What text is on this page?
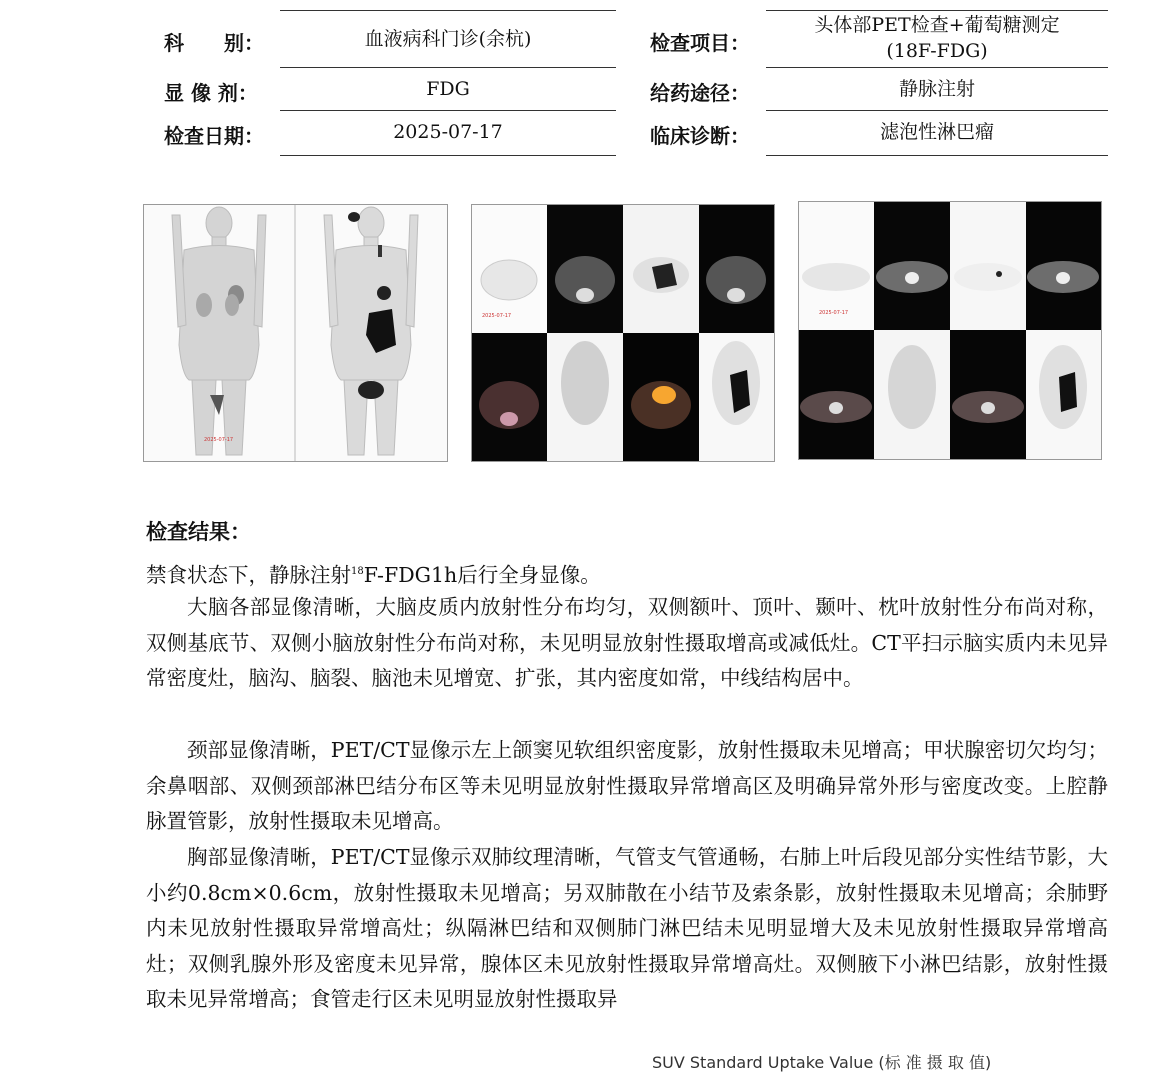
科　　别：	血液病科门诊(余杭)	检查项目：
头体部PET检查+葡萄糖测定
(18F-FDG)
显 像 剂：	FDG	给药途径：	静脉注射
检查日期：	2025-07-17	临床诊断：	滤泡性淋巴瘤
2025-07-17
2025-07-17	2025-07-17
检查结果：

禁食状态下，静脉注射$^{18}$F-FDG1h后行全身显像。

大脑各部显像清晰，大脑皮质内放射性分布均匀，双侧额叶、顶叶、颞叶、枕叶放射性分布尚对称，双侧基底节、双侧小脑放射性分布尚对称，未见明显放射性摄取增高或减低灶。CT平扫示脑实质内未见异常密度灶，脑沟、脑裂、脑池未见增宽、扩张，其内密度如常，中线结构居中。

颈部显像清晰，PET/CT显像示左上颌窦见软组织密度影，放射性摄取未见增高；甲状腺密切欠均匀；余鼻咽部、双侧颈部淋巴结分布区等未见明显放射性摄取异常增高区及明确异常外形与密度改变。上腔静脉置管影，放射性摄取未见增高。

胸部显像清晰，PET/CT显像示双肺纹理清晰，气管支气管通畅，右肺上叶后段见部分实性结节影，大小约0.8cm×0.6cm，放射性摄取未见增高；另双肺散在小结节及索条影，放射性摄取未见增高；余肺野内未见放射性摄取异常增高灶；纵隔淋巴结和双侧肺门淋巴结未见明显增大及未见放射性摄取异常增高灶；双侧乳腺外形及密度未见异常，腺体区未见放射性摄取异常增高灶。双侧腋下小淋巴结影，放射性摄取未见异常增高；食管走行区未见明显放射性摄取异

SUV Standard Uptake Value (标 准 摄 取 值)
